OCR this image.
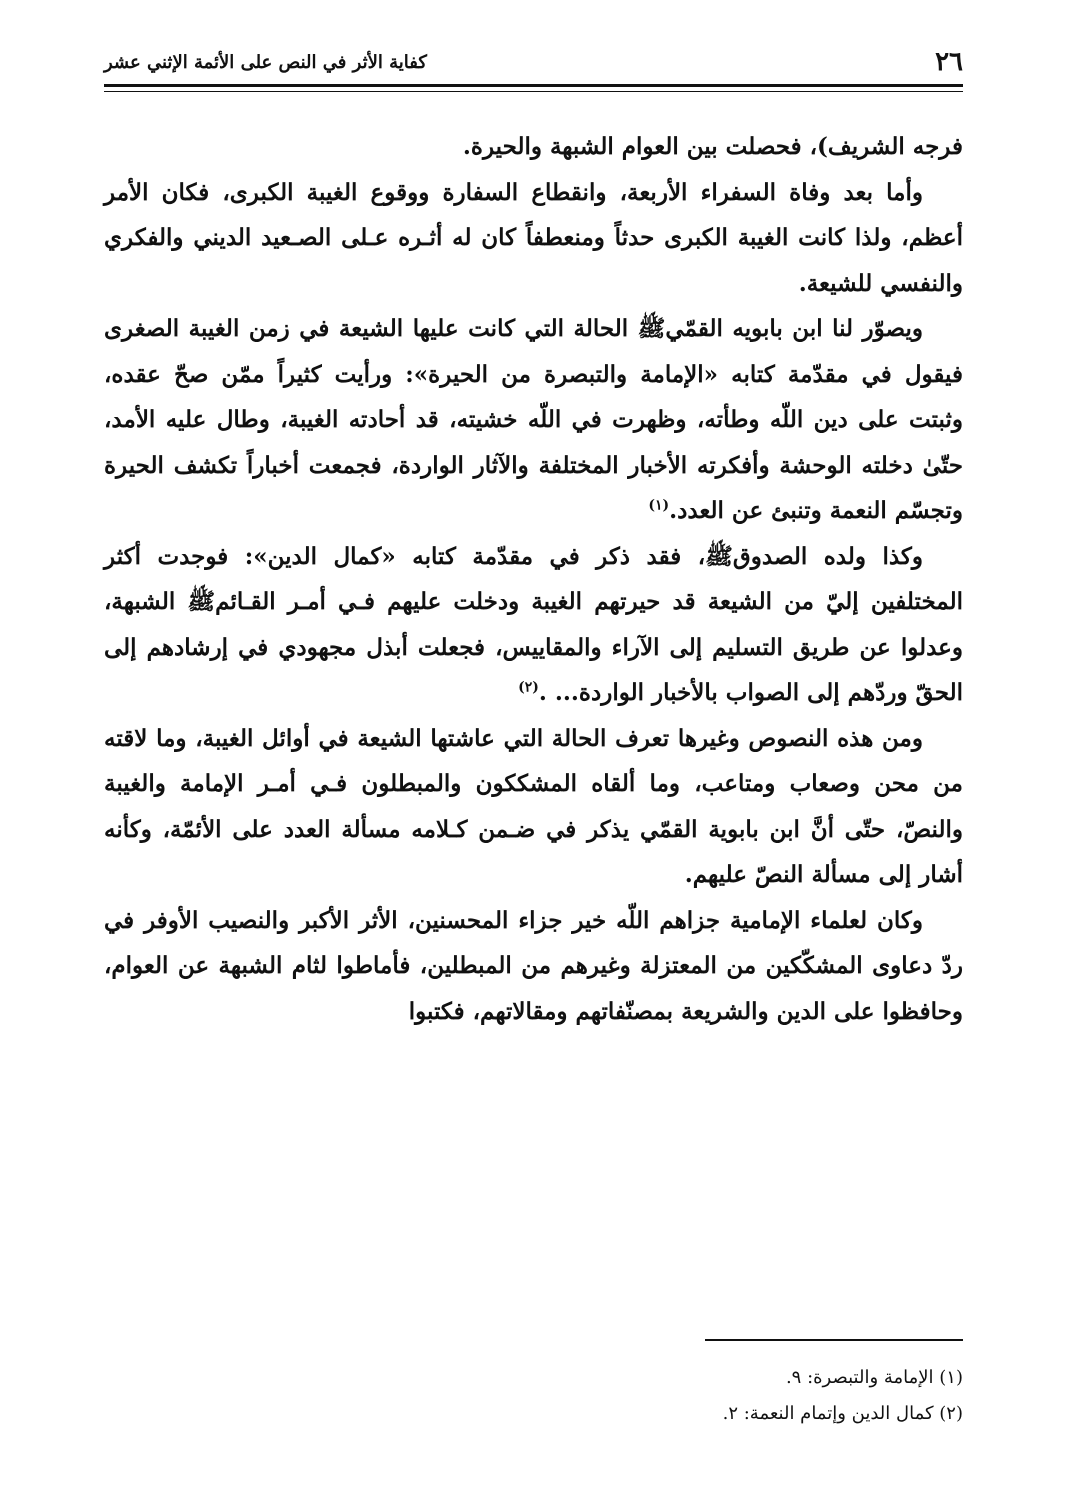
٢٦
كفاية الأثر في النص على الأئمة الإثني عشر

فرجه الشريف)، فحصلت بين العوام الشبهة والحيرة.

وأما بعد وفاة السفراء الأربعة، وانقطاع السفارة ووقوع الغيبة الكبرى، فكان الأمر أعظم، ولذا كانت الغيبة الكبرى حدثاً ومنعطفاً كان له أثـره عـلى الصـعيد الديني والفكري والنفسي للشيعة.

ويصوّر لنا ابن بابويه القمّي‏ﷺ الحالة التي كانت عليها الشيعة في زمن الغيبة الصغرى فيقول في مقدّمة كتابه «الإمامة والتبصرة من الحيرة»: ورأيت كثيراً ممّن صحّ عقده، وثبتت على دين اللّه وطأته، وظهرت في اللّه خشيته، قد أحادته الغيبة، وطال عليه الأمد، حتّىٰ دخلته الوحشة وأفكرته الأخبار المختلفة والآثار الواردة، فجمعت أخباراً تكشف الحيرة وتجسّم النعمة وتنبئ عن العدد.$^{(١)}$

وكذا ولده الصدوق‏ﷺ، فقد ذكر في مقدّمة كتابه «كمال الدين»: فوجدت أكثر المختلفين إليّ من الشيعة قد حيرتهم الغيبة ودخلت عليهم فـي أمـر القـائم‏ﷺ الشبهة، وعدلوا عن طريق التسليم إلى الآراء والمقاييس، فجعلت أبذل مجهودي في إرشادهم إلى الحقّ وردّهم إلى الصواب بالأخبار الواردة... .$^{(٢)}$

ومن هذه النصوص وغيرها تعرف الحالة التي عاشتها الشيعة في أوائل الغيبة، وما لاقته من محن وصعاب ومتاعب، وما ألقاه المشككون والمبطلون فـي أمـر الإمامة والغيبة والنصّ، حتّى أنَّ ابن بابوية القمّي يذكر في ضـمن كـلامه مسألة العدد على الأئمّة، وكأنه أشار إلى مسألة النصّ عليهم.

وكان لعلماء الإمامية جزاهم اللّه خير جزاء المحسنين، الأثر الأكبر والنصيب الأوفر في ردّ دعاوى المشكّكين من المعتزلة وغيرهم من المبطلين، فأماطوا لثام الشبهة عن العوام، وحافظوا على الدين والشريعة بمصنّفاتهم ومقالاتهم، فكتبوا

(١) الإمامة والتبصرة: ٩.

(٢) كمال الدين وإتمام النعمة: ٢.
